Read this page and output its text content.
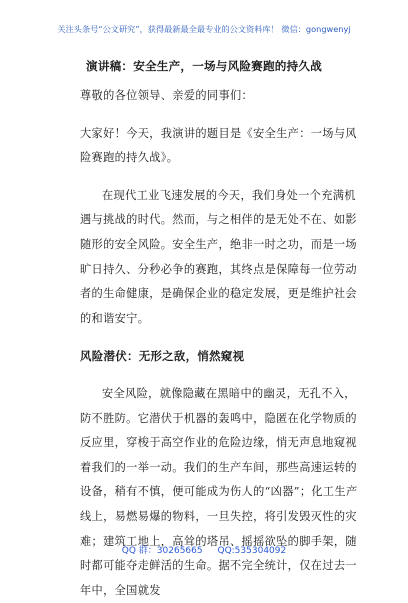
关注头条号“公文研究”，获得最新最全最专业的公文资料库！ 微信：gongwenyj
演讲稿：安全生产，一场与风险赛跑的持久战

尊敬的各位领导、亲爱的同事们：

大家好！今天，我演讲的题目是《安全生产：一场与风险赛跑的持久战》。

在现代工业飞速发展的今天，我们身处一个充满机遇与挑战的时代。然而，与之相伴的是无处不在、如影随形的安全风险。安全生产，绝非一时之功，而是一场旷日持久、分秒必争的赛跑，其终点是保障每一位劳动者的生命健康，是确保企业的稳定发展，更是维护社会的和谐安宁。

风险潜伏：无形之敌，悄然窥视

安全风险，就像隐藏在黑暗中的幽灵，无孔不入，防不胜防。它潜伏于机器的轰鸣中，隐匿在化学物质的反应里，穿梭于高空作业的危险边缘，悄无声息地窥视着我们的一举一动。我们的生产车间，那些高速运转的设备，稍有不慎，便可能成为伤人的“凶器”；化工生产线上，易燃易爆的物料，一旦失控，将引发毁灭性的灾难；建筑工地上，高耸的塔吊、摇摇欲坠的脚手架，随时都可能夺走鲜活的生命。据不完全统计，仅在过去一年中，全国就发

QQ 群：30265665 QQ:535304092
